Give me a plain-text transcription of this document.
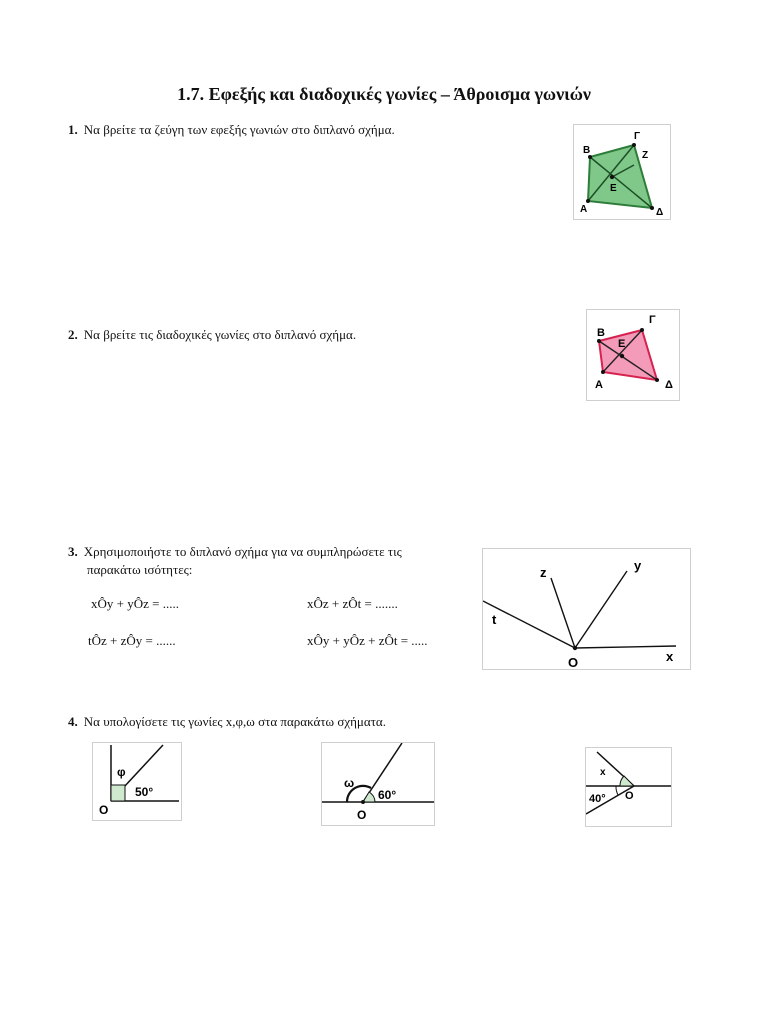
1.7. Εφεξής και διαδοχικές γωνίες – Άθροισμα γωνιών
1. Να βρείτε τα ζεύγη των εφεξής γωνιών στο διπλανό σχήμα.
Β
Γ
Z
Ε
Α	Δ
2. Να βρείτε τις διαδοχικές γωνίες στο διπλανό σχήμα.	Β
Γ
Ε
Α	Δ
3. Χρησιμοποιήστε το διπλανό σχήμα για να συμπληρώσετε τις
παρακάτω ισότητες:
xÔy + yÔz = .....	xÔz + zÔt = .......
tÔz + zÔy = ......	xÔy + yÔz + zÔt = .....
z	y
t
O	x
4. Να υπολογίσετε τις γωνίες x,φ,ω στα παρακάτω σχήματα.
φ
50°
O
ω
60°
O
x
40° O
